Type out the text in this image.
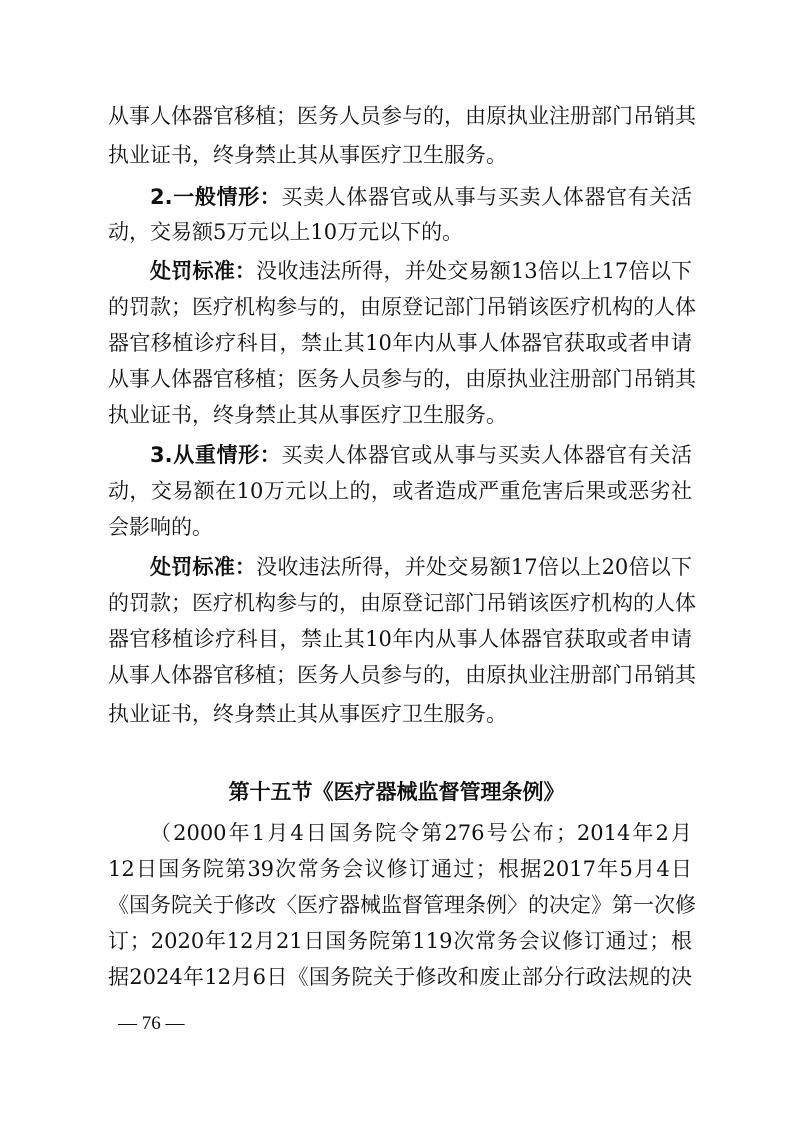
从事人体器官移植；医务人员参与的，由原执业注册部门吊销其
执业证书，终身禁止其从事医疗卫生服务。
2.一般情形：买卖人体器官或从事与买卖人体器官有关活
动，交易额5万元以上10万元以下的。
处罚标准：没收违法所得，并处交易额13倍以上17倍以下
的罚款；医疗机构参与的，由原登记部门吊销该医疗机构的人体
器官移植诊疗科目，禁止其10年内从事人体器官获取或者申请
从事人体器官移植；医务人员参与的，由原执业注册部门吊销其
执业证书，终身禁止其从事医疗卫生服务。
3.从重情形：买卖人体器官或从事与买卖人体器官有关活
动，交易额在10万元以上的，或者造成严重危害后果或恶劣社
会影响的。
处罚标准：没收违法所得，并处交易额17倍以上20倍以下
的罚款；医疗机构参与的，由原登记部门吊销该医疗机构的人体
器官移植诊疗科目，禁止其10年内从事人体器官获取或者申请
从事人体器官移植；医务人员参与的，由原执业注册部门吊销其
执业证书，终身禁止其从事医疗卫生服务。
第十五节《医疗器械监督管理条例》
（2000年1月4日国务院令第276号公布；2014年2月
12日国务院第39次常务会议修订通过；根据2017年5月4日
《国务院关于修改〈医疗器械监督管理条例〉的决定》第一次修
订；2020年12月21日国务院第119次常务会议修订通过；根
据2024年12月6日《国务院关于修改和废止部分行政法规的决
— 76 —
